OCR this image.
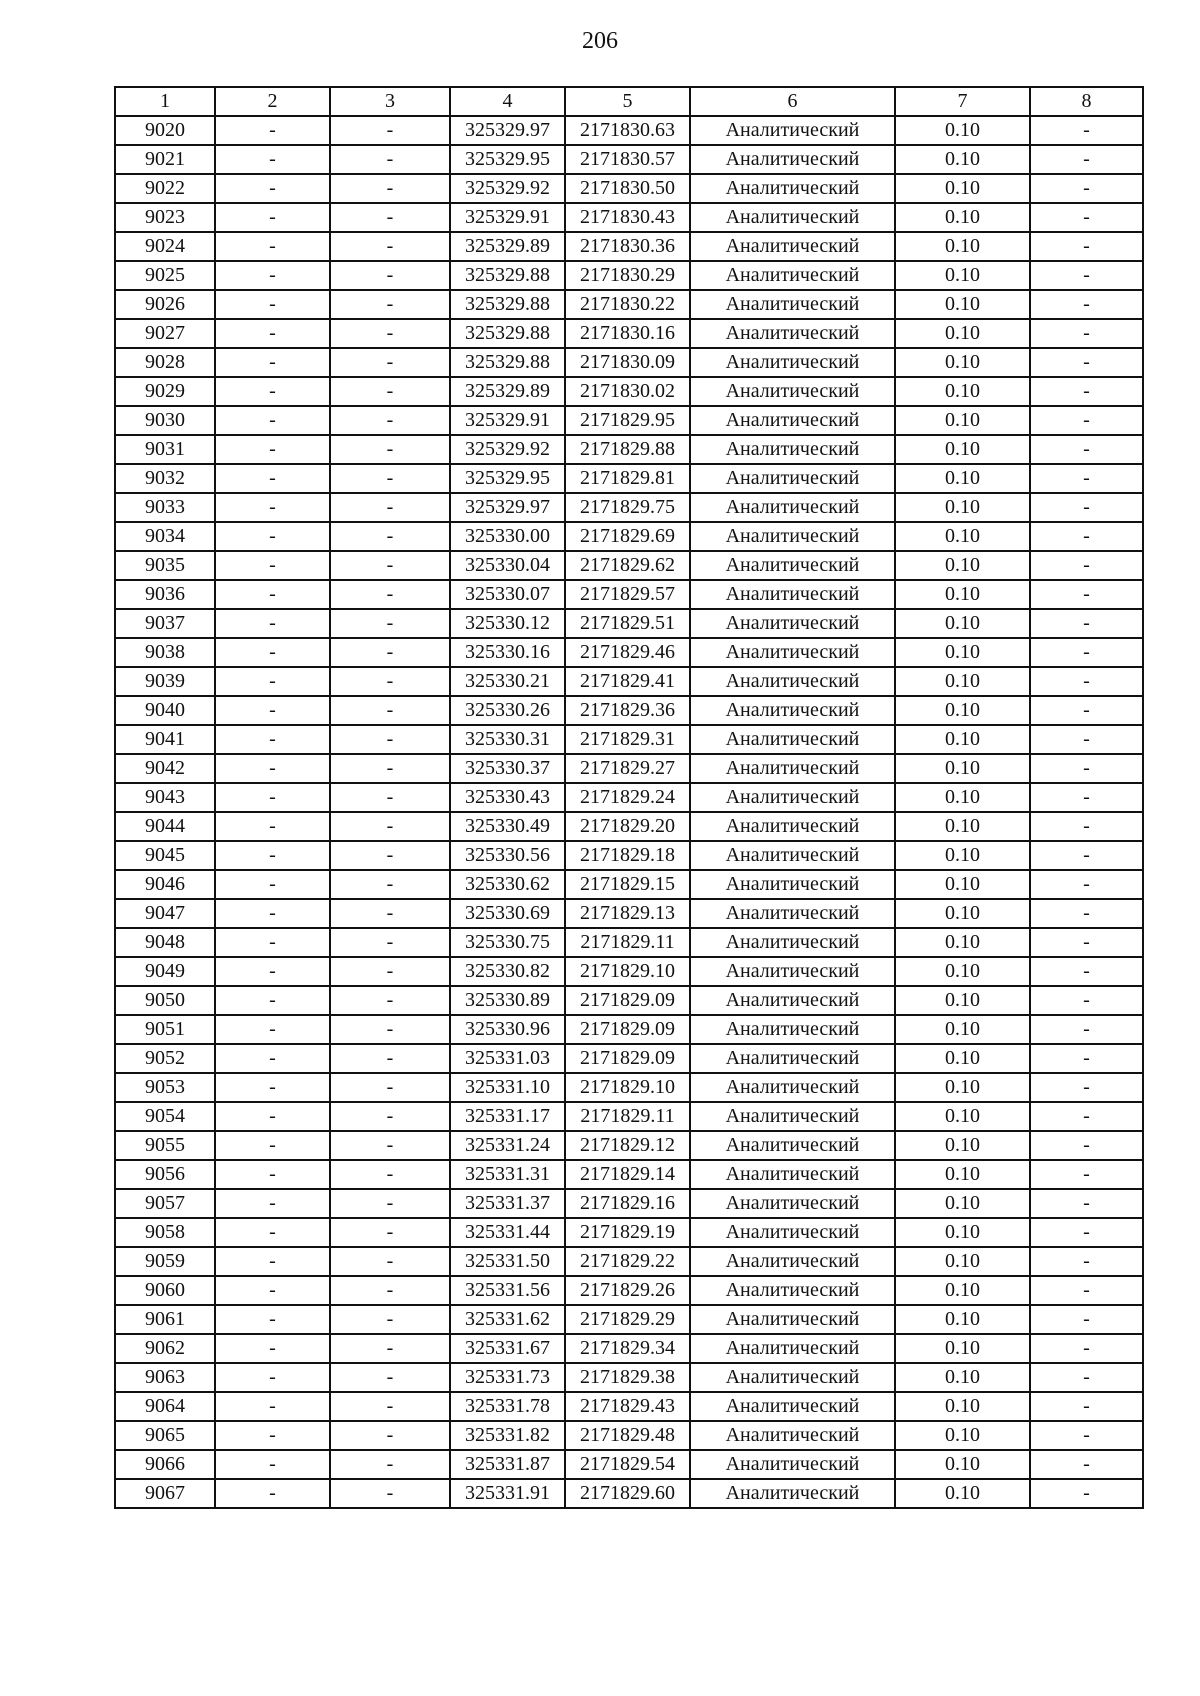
206
1	2	3	4	5	6	7	8
9020	-	-	325329.97	2171830.63	Аналитический	0.10	-
9021	-	-	325329.95	2171830.57	Аналитический	0.10	-
9022	-	-	325329.92	2171830.50	Аналитический	0.10	-
9023	-	-	325329.91	2171830.43	Аналитический	0.10	-
9024	-	-	325329.89	2171830.36	Аналитический	0.10	-
9025	-	-	325329.88	2171830.29	Аналитический	0.10	-
9026	-	-	325329.88	2171830.22	Аналитический	0.10	-
9027	-	-	325329.88	2171830.16	Аналитический	0.10	-
9028	-	-	325329.88	2171830.09	Аналитический	0.10	-
9029	-	-	325329.89	2171830.02	Аналитический	0.10	-
9030	-	-	325329.91	2171829.95	Аналитический	0.10	-
9031	-	-	325329.92	2171829.88	Аналитический	0.10	-
9032	-	-	325329.95	2171829.81	Аналитический	0.10	-
9033	-	-	325329.97	2171829.75	Аналитический	0.10	-
9034	-	-	325330.00	2171829.69	Аналитический	0.10	-
9035	-	-	325330.04	2171829.62	Аналитический	0.10	-
9036	-	-	325330.07	2171829.57	Аналитический	0.10	-
9037	-	-	325330.12	2171829.51	Аналитический	0.10	-
9038	-	-	325330.16	2171829.46	Аналитический	0.10	-
9039	-	-	325330.21	2171829.41	Аналитический	0.10	-
9040	-	-	325330.26	2171829.36	Аналитический	0.10	-
9041	-	-	325330.31	2171829.31	Аналитический	0.10	-
9042	-	-	325330.37	2171829.27	Аналитический	0.10	-
9043	-	-	325330.43	2171829.24	Аналитический	0.10	-
9044	-	-	325330.49	2171829.20	Аналитический	0.10	-
9045	-	-	325330.56	2171829.18	Аналитический	0.10	-
9046	-	-	325330.62	2171829.15	Аналитический	0.10	-
9047	-	-	325330.69	2171829.13	Аналитический	0.10	-
9048	-	-	325330.75	2171829.11	Аналитический	0.10	-
9049	-	-	325330.82	2171829.10	Аналитический	0.10	-
9050	-	-	325330.89	2171829.09	Аналитический	0.10	-
9051	-	-	325330.96	2171829.09	Аналитический	0.10	-
9052	-	-	325331.03	2171829.09	Аналитический	0.10	-
9053	-	-	325331.10	2171829.10	Аналитический	0.10	-
9054	-	-	325331.17	2171829.11	Аналитический	0.10	-
9055	-	-	325331.24	2171829.12	Аналитический	0.10	-
9056	-	-	325331.31	2171829.14	Аналитический	0.10	-
9057	-	-	325331.37	2171829.16	Аналитический	0.10	-
9058	-	-	325331.44	2171829.19	Аналитический	0.10	-
9059	-	-	325331.50	2171829.22	Аналитический	0.10	-
9060	-	-	325331.56	2171829.26	Аналитический	0.10	-
9061	-	-	325331.62	2171829.29	Аналитический	0.10	-
9062	-	-	325331.67	2171829.34	Аналитический	0.10	-
9063	-	-	325331.73	2171829.38	Аналитический	0.10	-
9064	-	-	325331.78	2171829.43	Аналитический	0.10	-
9065	-	-	325331.82	2171829.48	Аналитический	0.10	-
9066	-	-	325331.87	2171829.54	Аналитический	0.10	-
9067	-	-	325331.91	2171829.60	Аналитический	0.10	-
